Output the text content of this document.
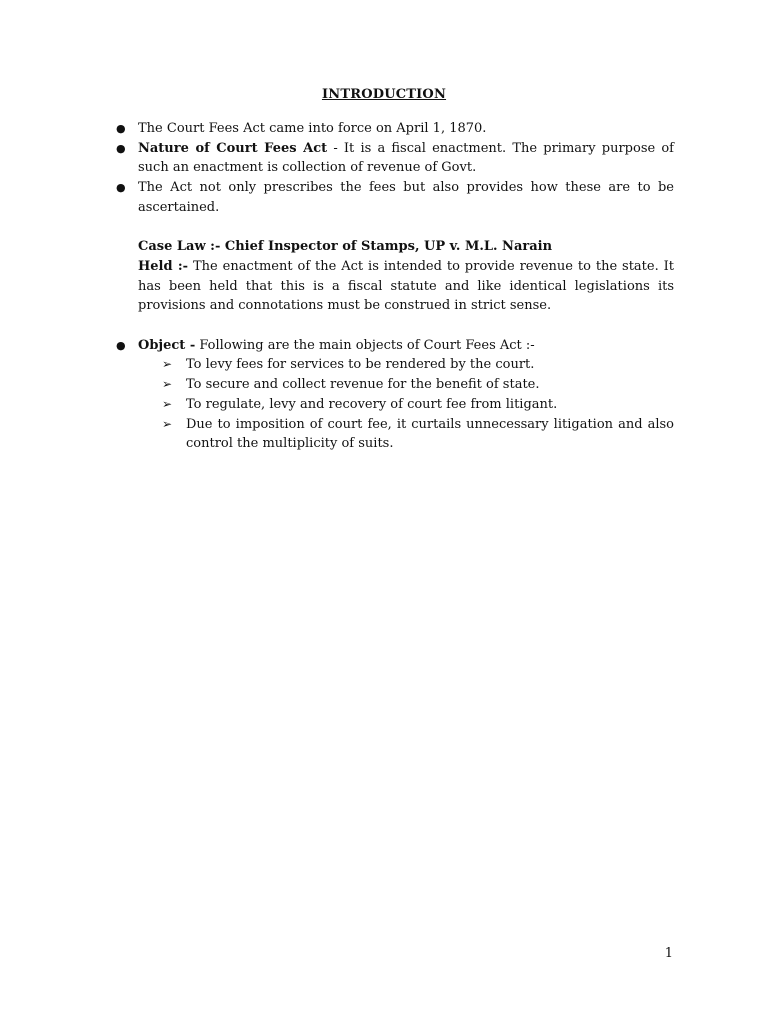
INTRODUCTION
● The Court Fees Act came into force on April 1, 1870.
● Nature of Court Fees Act - It is a fiscal enactment. The primary purpose of such an enactment is collection of revenue of Govt.
● The Act not only prescribes the fees but also provides how these are to be ascertained.
Case Law :- Chief Inspector of Stamps, UP v. M.L. Narain
Held :- The enactment of the Act is intended to provide revenue to the state. It has been held that this is a fiscal statute and like identical legislations its provisions and connotations must be construed in strict sense.
● Object - Following are the main objects of Court Fees Act :-
➢ To levy fees for services to be rendered by the court.
➢ To secure and collect revenue for the benefit of state.
➢ To regulate, levy and recovery of court fee from litigant.
➢ Due to imposition of court fee, it curtails unnecessary litigation and also control the multiplicity of suits.
1
